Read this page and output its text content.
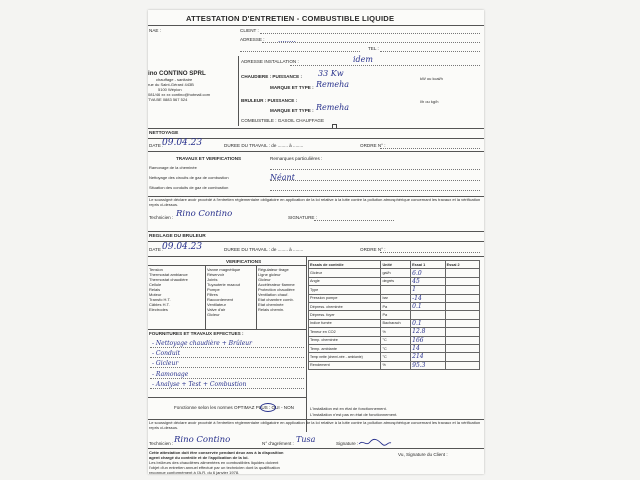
ATTESTATION D'ENTRETIEN - COMBUSTIBLE LIQUIDE
NAE :	CLIENT :
ADRESSE : ........
TEL :
ino CONTINO SPRL
chauffage - sanitaire
rue du Saint-Gérard 443B
5100 Wépion
081/46 xx xx contino@hotmail.com
TVA BE 0883 567 524
ADRESSE INSTALLATION :	idem
CHAUDIERE : PUISSANCE : 33 Kw
kW ou kcal/h
MARQUE ET TYPE : Remeha
BRULEUR : PUISSANCE :	l/h ou kg/h
MARQUE ET TYPE : Remeha
COMBUSTIBLE : GASOIL CHAUFFAGE
NETTOYAGE
DATE :
09.04.23	DUREE DU TRAVAIL : de ........ à ........	ORDRE N° :
TRAVAUX ET VERIFICATIONS	Remarques particulières :
Ramonage de la cheminée
Nettoyage des circuits de gaz de combustion
Situation des conduits de gaz de combustion
Néant
Le soussigné déclare avoir procédé à l'entretien réglementaire obligatoire en application de la loi relative à la lutte contre la pollution atmosphérique concernant les travaux et la vérification repris ci-dessus.
Technicien : Rino Contino	SIGNATURE :
REGLAGE DU BRULEUR
DATE :
09.04.23	DUREE DU TRAVAIL : de ........ à ........	ORDRE N° :
VERIFICATIONS
Tension
Thermostat ambiance
Thermostat chaudière
Cellule
Relais
Moteur
Transfo H.T.
Câbles H.T.
Electrodes
Vanne magnétique
Réservoir
Joints
Tuyauterie mazout
Pompe
Filtres
Raccordement
Ventilateur
Valve d'air
Gicleur
Régulateur tirage
Ligne gicleur
Gicleur
Accélérateur flamme
Protection chaudière
Ventilation chauf.
Etat chambre comb.
Etat cheminée
Relais chemin.
FOURNITURES ET TRAVAUX EFFECTUES :
- Nettoyage chaudière + Brûleur
- Conduit
- Gicleur
- Ramonage
- Analyse + Test + Combustion
Essais de contrôle	Unité	Essai 1	Essai 2
Gicleur	gal/h	6.0	
Angle	degrés	45	
Type		1	
Pression pompe	bar	-14	
Dépress. cheminée	Pa	0.1	
Dépress. foyer	Pa		
Indice fumée	Bacharach	0.1	
Teneur en CO2	%	12.8	
Temp. cheminée	°C	166	
Temp. ambiante	°C	14	
Temp nette (chemi-née - ambiante)	°C	214	
Rendement	%	95.3	
L'installation est en état de fonctionnement.
L'installation n'est pas en état de fonctionnement.
Fonctionne selon les normes OPTIMAZ PLUS : OUI - NON
Le soussigné déclare avoir procédé à l'entretien réglementaire obligatoire en application de la loi relative à la lutte contre la pollution atmosphérique concernant les travaux et la vérification repris ci-dessus.
Technicien : Rino Contino	N° d'agrément : Tusa	Signature :
Cette attestation doit être conservée pendant deux ans à la disposition
agent chargé du contrôle et de l'application de la loi.
Les brûleurs des chaudières alimentées en combustibles liquides doivent
l'objet d'un entretien annuel effectué par un technicien dont la qualification
reconnue conformément à l'A.R. du 6 janvier 1978.
Vu, Signature du Client :
